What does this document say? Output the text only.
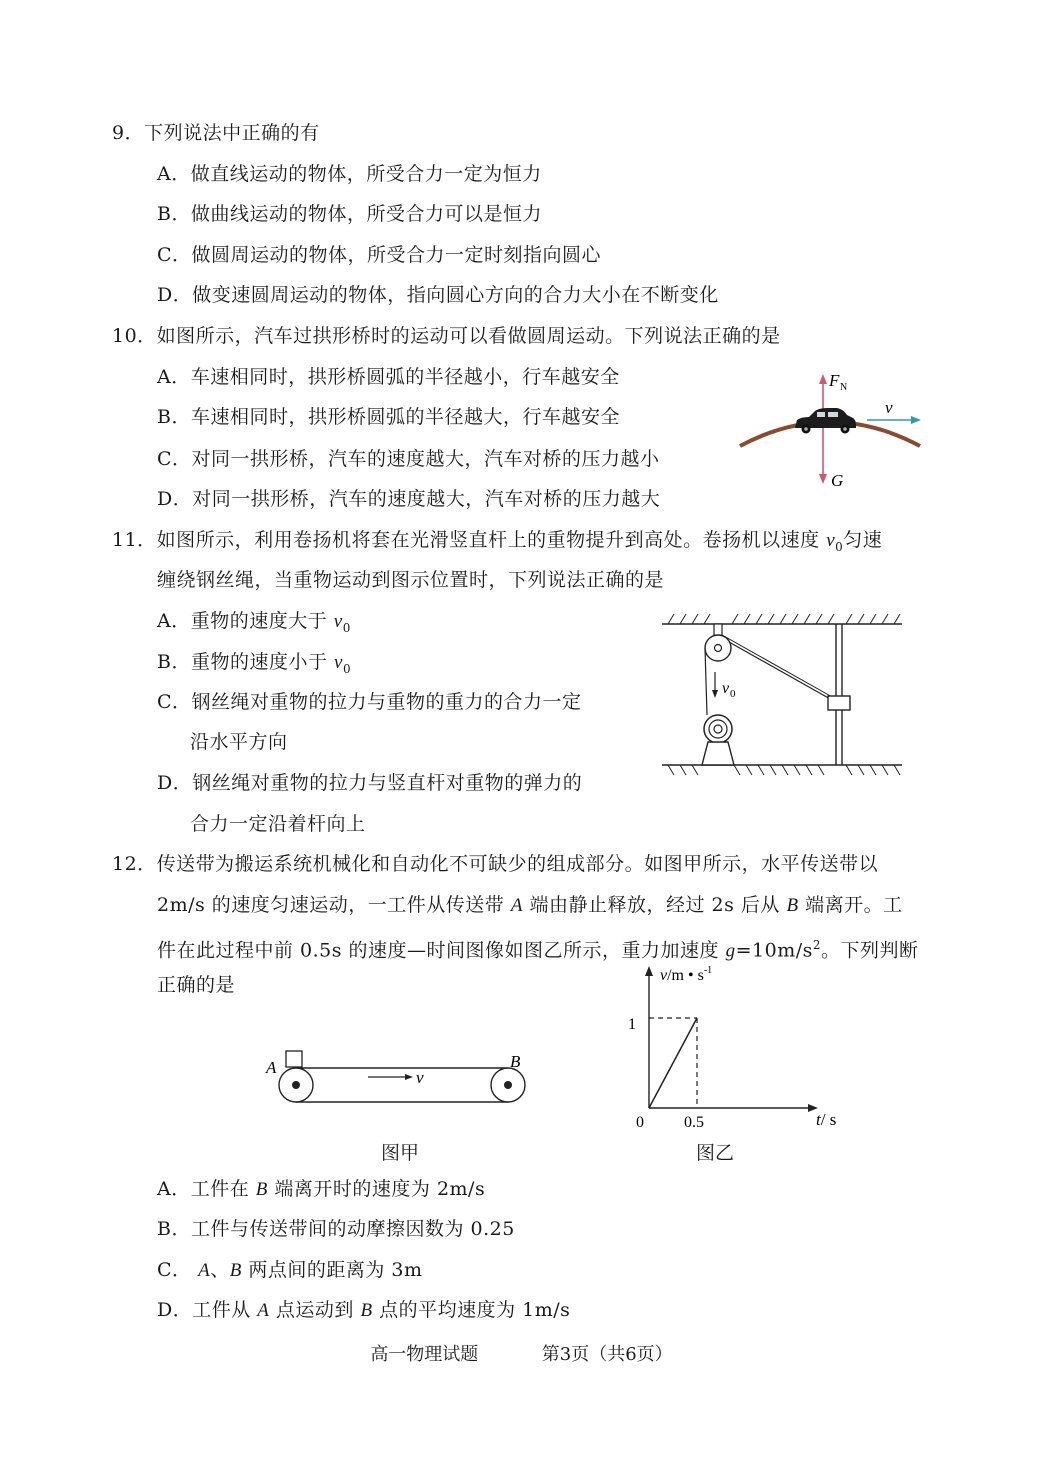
9．下列说法中正确的有
A．做直线运动的物体，所受合力一定为恒力
B．做曲线运动的物体，所受合力可以是恒力
C．做圆周运动的物体，所受合力一定时刻指向圆心
D．做变速圆周运动的物体，指向圆心方向的合力大小在不断变化
10．如图所示，汽车过拱形桥时的运动可以看做圆周运动。下列说法正确的是
A．车速相同时，拱形桥圆弧的半径越小，行车越安全
B．车速相同时，拱形桥圆弧的半径越大，行车越安全
C．对同一拱形桥，汽车的速度越大，汽车对桥的压力越小
D．对同一拱形桥，汽车的速度越大，汽车对桥的压力越大
F N
v
G
11．如图所示，利用卷扬机将套在光滑竖直杆上的重物提升到高处。卷扬机以速度 $v_0$匀速
缠绕钢丝绳，当重物运动到图示位置时，下列说法正确的是
A．重物的速度大于 $v_0$
B．重物的速度小于 $v_0$
C．钢丝绳对重物的拉力与重物的重力的合力一定
沿水平方向
D．钢丝绳对重物的拉力与竖直杆对重物的弹力的
合力一定沿着杆向上
v 0
12．传送带为搬运系统机械化和自动化不可缺少的组成部分。如图甲所示，水平传送带以
2m/s 的速度匀速运动，一工件从传送带 A 端由静止释放，经过 2s 后从 B 端离开。工
件在此过程中前 0.5s 的速度—时间图像如图乙所示，重力加速度 $g=10m/s^2$。下列判断
正确的是
A	B
v
图甲
v/m • $s^{-1}$
t/ s
1
0	0.5
图乙
A．工件在 B 端离开时的速度为 2m/s
B．工件与传送带间的动摩擦因数为 0.25
C． A、B 两点间的距离为 3m
D．工件从 A 点运动到 B 点的平均速度为 1m/s
高一物理试题	第3页（共6页）
